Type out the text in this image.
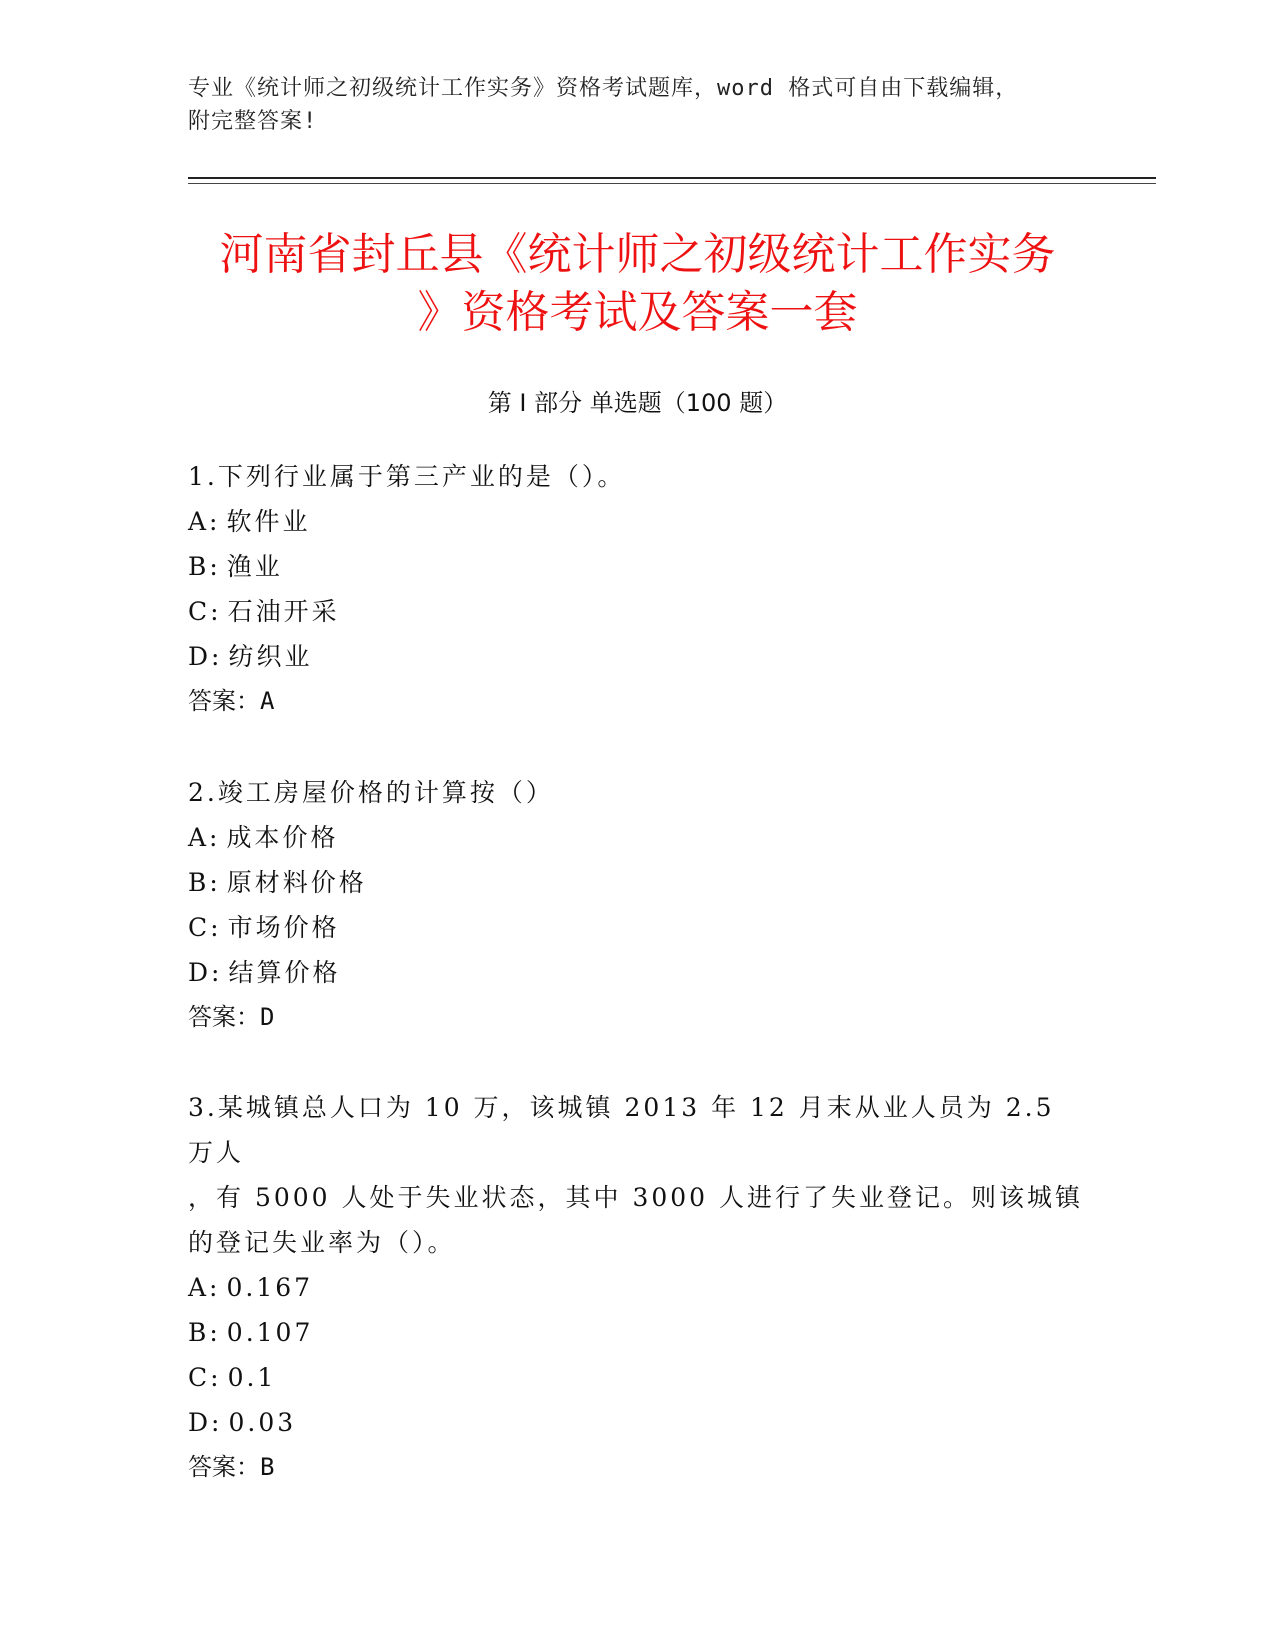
专业《统计师之初级统计工作实务》资格考试题库，word 格式可自由下载编辑，
附完整答案!
河南省封丘县《统计师之初级统计工作实务
》资格考试及答案一套
第 I 部分 单选题（100 题）
1.下列行业属于第三产业的是（）。
A: 软件业
B: 渔业
C: 石油开采
D: 纺织业
答案：A
2.竣工房屋价格的计算按（）
A: 成本价格
B: 原材料价格
C: 市场价格
D: 结算价格
答案：D
3.某城镇总人口为 10 万，该城镇 2013 年 12 月末从业人员为 2.5 万人
，有 5000 人处于失业状态，其中 3000 人进行了失业登记。则该城镇
的登记失业率为（）。
A: 0.167
B: 0.107
C: 0.1
D: 0.03
答案：B
